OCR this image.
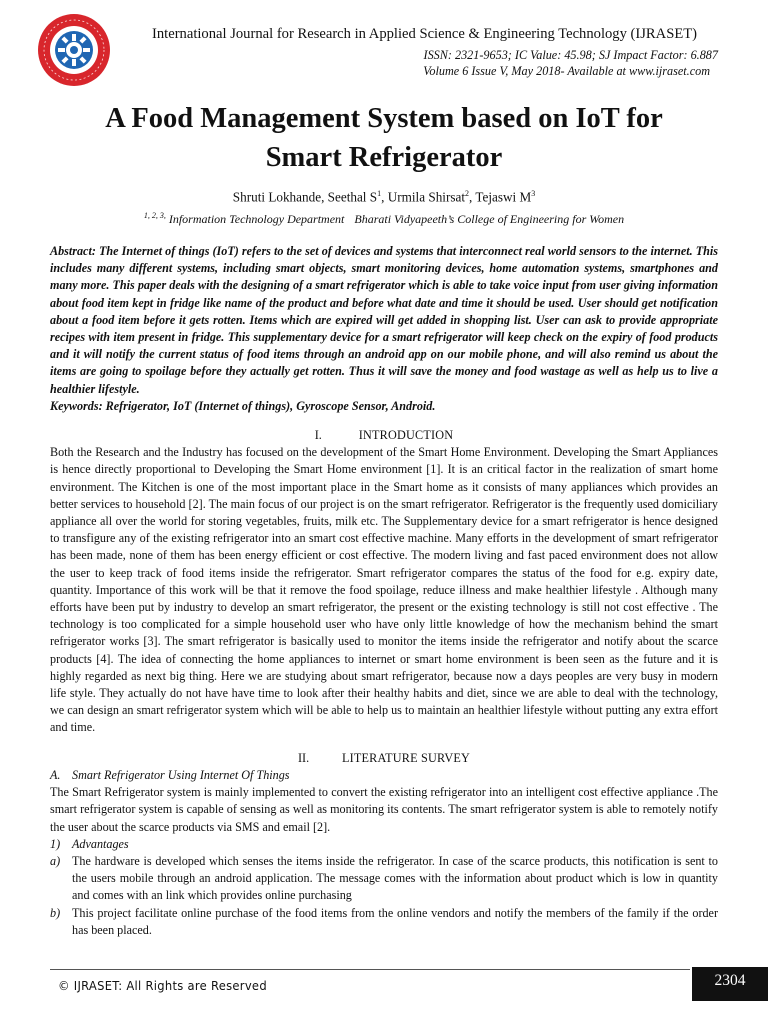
International Journal for Research in Applied Science & Engineering Technology (IJRASET)
ISSN: 2321-9653; IC Value: 45.98; SJ Impact Factor: 6.887
Volume 6 Issue V, May 2018- Available at www.ijraset.com
A Food Management System based on IoT for
Smart Refrigerator
Shruti Lokhande, Seethal $S^1$, Urmila Shirsat$^2$, Tejaswi $M^3$
$^{1, 2, 3,}$ Information Technology Department Bharati Vidyapeeth’s College of Engineering for Women

Abstract: The Internet of things (IoT) refers to the set of devices and systems that interconnect real world sensors to the internet. This includes many different systems, including smart objects, smart monitoring devices, home automation systems, smartphones and many more. This paper deals with the designing of a smart refrigerator which is able to take voice input from user giving information about food item kept in fridge like name of the product and before what date and time it should be used. User should get notification about a food item before it gets rotten. Items which are expired will get added in shopping list. User can ask to provide appropriate recipes with item present in fridge. This supplementary device for a smart refrigerator will keep check on the expiry of food products and it will notify the current status of food items through an android app on our mobile phone, and will also remind us about the items are going to spoilage before they actually get rotten. Thus it will save the money and food wastage as well as help us to live a healthier lifestyle.

Keywords: Refrigerator, IoT (Internet of things), Gyroscope Sensor, Android.

I.	INTRODUCTION

Both the Research and the Industry has focused on the development of the Smart Home Environment. Developing the Smart Appliances is hence directly proportional to Developing the Smart Home environment [1]. It is an critical factor in the realization of smart home environment. The Kitchen is one of the most important place in the Smart home as it consists of many appliances which provides an better services to household [2]. The main focus of our project is on the smart refrigerator. Refrigerator is the frequently used domiciliary appliance all over the world for storing vegetables, fruits, milk etc. The Supplementary device for a smart refrigerator is hence designed to transfigure any of the existing refrigerator into an smart cost effective machine. Many efforts in the development of smart refrigerator has been made, none of them has been energy efficient or cost effective. The modern living and fast paced environment does not allow the user to keep track of food items inside the refrigerator. Smart refrigerator compares the status of the food for e.g. expiry date, quantity. Importance of this work will be that it remove the food spoilage, reduce illness and make healthier lifestyle . Although many efforts have been put by industry to develop an smart refrigerator, the present or the existing technology is still not cost effective . The technology is too complicated for a simple household user who have only little knowledge of how the mechanism behind the smart refrigerator works [3]. The smart refrigerator is basically used to monitor the items inside the refrigerator and notify about the scarce products [4]. The idea of connecting the home appliances to internet or smart home environment is been seen as the future and it is highly regarded as next big thing. Here we are studying about smart refrigerator, because now a days peoples are very busy in modern life style. They actually do not have have time to look after their healthy habits and diet, since we are able to deal with the technology, we can design an smart refrigerator system which will be able to help us to maintain an healthier lifestyle without putting any extra effort and time.

II.	LITERATURE SURVEY
A. Smart Refrigerator Using Internet Of Things

The Smart Refrigerator system is mainly implemented to convert the existing refrigerator into an intelligent cost effective appliance .The smart refrigerator system is capable of sensing as well as monitoring its contents. The smart refrigerator system is able to remotely notify the user about the scarce products via SMS and email [2].

1) Advantages
a) The hardware is developed which senses the items inside the refrigerator. In case of the scarce products, this notification is sent to the users mobile through an android application. The message comes with the information about product which is low in quantity and comes with an link which provides online purchasing
b) This project facilitate online purchase of the food items from the online vendors and notify the members of the family if the order has been placed.
© IJRASET: All Rights are Reserved	2304
